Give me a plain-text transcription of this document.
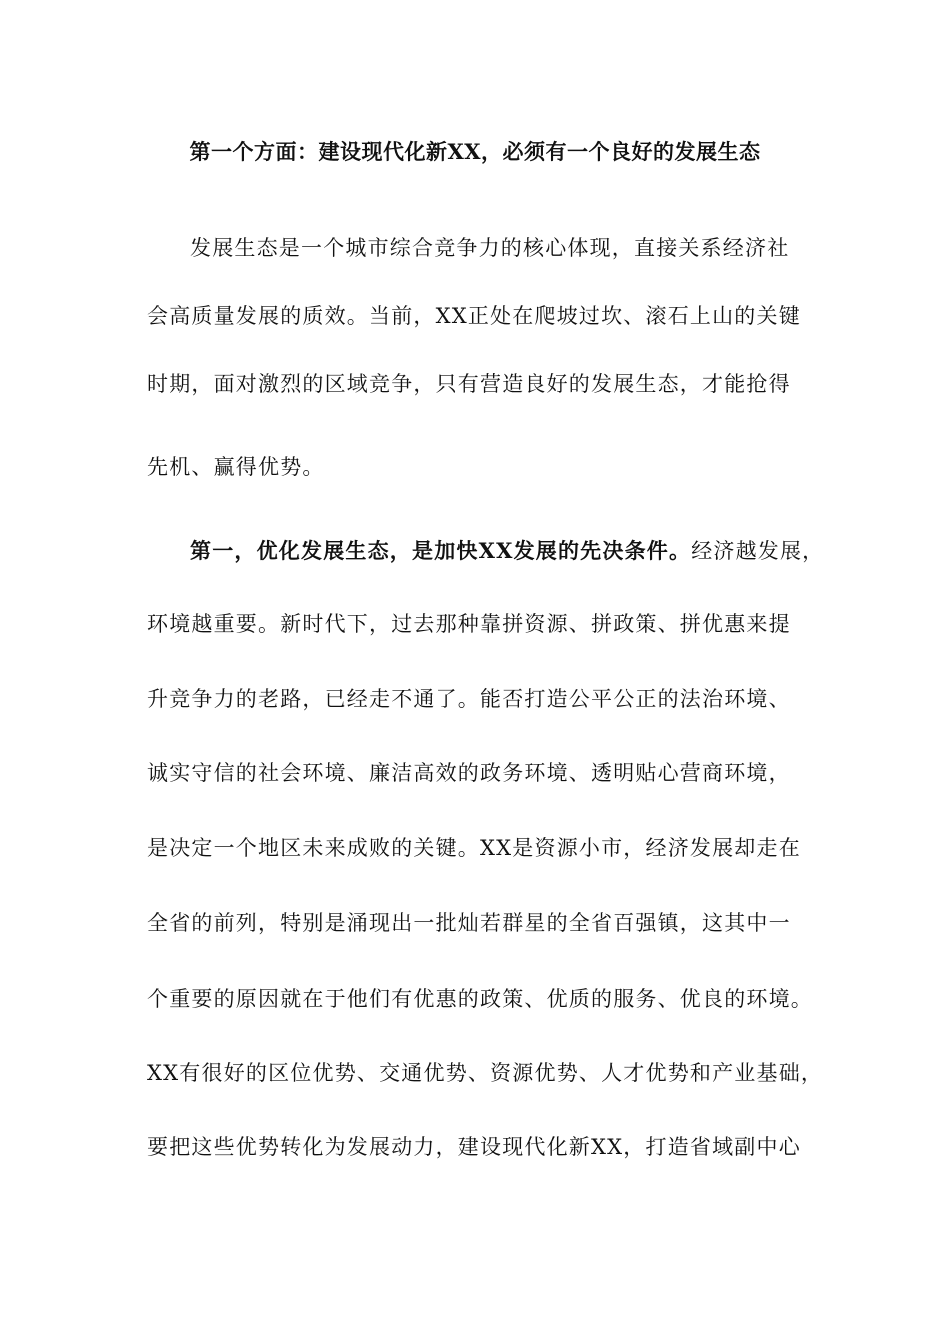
第一个方面：建设现代化新XX，必须有一个良好的发展生态
发展生态是一个城市综合竞争力的核心体现，直接关系经济社
会高质量发展的质效。当前，XX正处在爬坡过坎、滚石上山的关键
时期，面对激烈的区域竞争，只有营造良好的发展生态，才能抢得
先机、赢得优势。
第一，优化发展生态，是加快XX发展的先决条件。经济越发展，
环境越重要。新时代下，过去那种靠拼资源、拼政策、拼优惠来提
升竞争力的老路，已经走不通了。能否打造公平公正的法治环境、
诚实守信的社会环境、廉洁高效的政务环境、透明贴心营商环境，
是决定一个地区未来成败的关键。XX是资源小市，经济发展却走在
全省的前列，特别是涌现出一批灿若群星的全省百强镇，这其中一
个重要的原因就在于他们有优惠的政策、优质的服务、优良的环境。
XX有很好的区位优势、交通优势、资源优势、人才优势和产业基础，
要把这些优势转化为发展动力，建设现代化新XX，打造省域副中心
